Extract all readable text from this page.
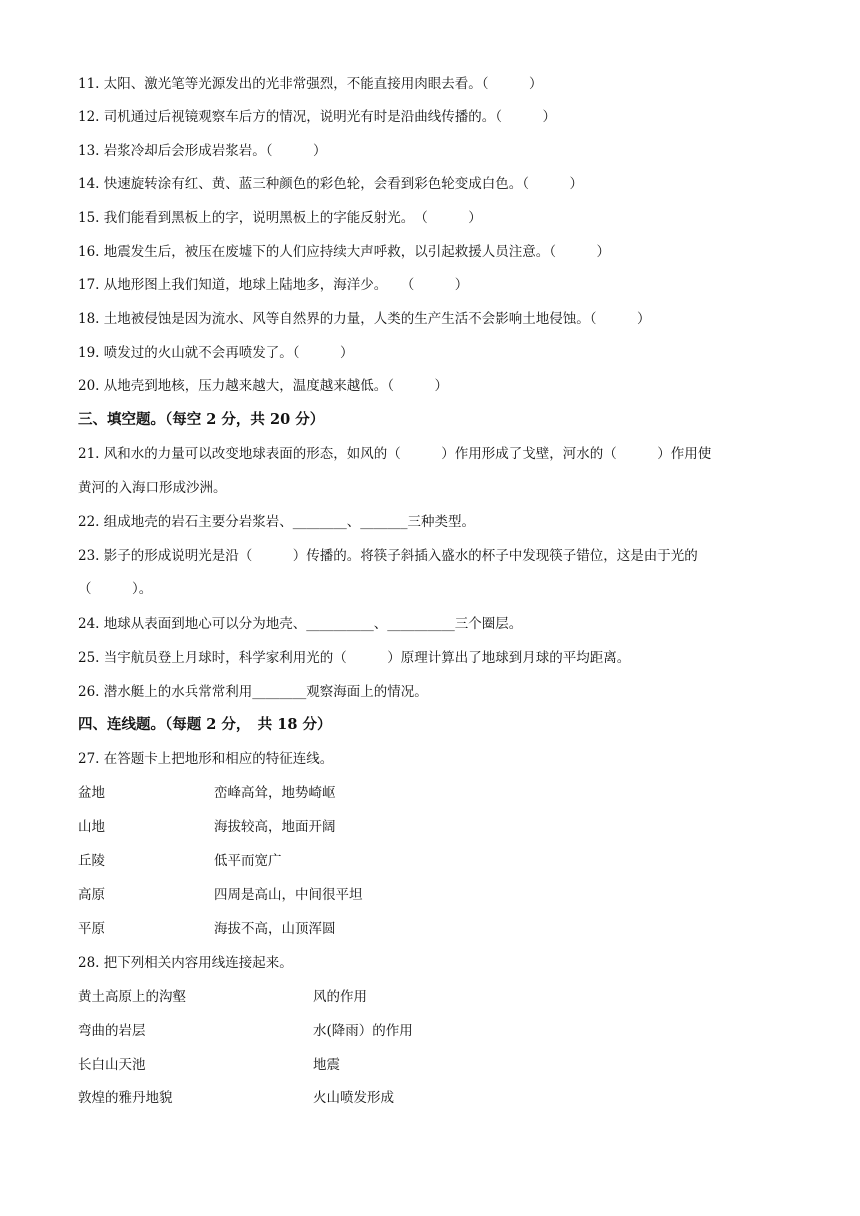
11. 太阳、激光笔等光源发出的光非常强烈，不能直接用肉眼去看。（　　　）
12. 司机通过后视镜观察车后方的情况，说明光有时是沿曲线传播的。（　　　）
13. 岩浆冷却后会形成岩浆岩。（　　　）
14. 快速旋转涂有红、黄、蓝三种颜色的彩色轮，会看到彩色轮变成白色。（　　　）
15. 我们能看到黑板上的字，说明黑板上的字能反射光。　（　　　）
16. 地震发生后，被压在废墟下的人们应持续大声呼救，以引起救援人员注意。（　　　）
17. 从地形图上我们知道，地球上陆地多，海洋少。　　（　　　）
18. 土地被侵蚀是因为流水、风等自然界的力量，人类的生产生活不会影响土地侵蚀。（　　　）
19. 喷发过的火山就不会再喷发了。（　　　）
20. 从地壳到地核，压力越来越大，温度越来越低。（　　　）
三、填空题。（每空 2 分，共 20 分）
21. 风和水的力量可以改变地球表面的形态，如风的（　　　）作用形成了戈壁，河水的（　　　）作用使
黄河的入海口形成沙洲。
22. 组成地壳的岩石主要分岩浆岩、________、_______三种类型。
23. 影子的形成说明光是沿（　　　）传播的。将筷子斜插入盛水的杯子中发现筷子错位，这是由于光的
（　　　）。
24. 地球从表面到地心可以分为地壳、__________、__________三个圈层。
25. 当宇航员登上月球时，科学家利用光的（　　　）原理计算出了地球到月球的平均距离。
26. 潜水艇上的水兵常常利用________观察海面上的情况。
四、连线题。（每题 2 分，　共 18 分）
27. 在答题卡上把地形和相应的特征连线。
盆地	峦峰高耸，地势崎岖
山地	海拔较高，地面开阔
丘陵	低平而宽广
高原	四周是高山，中间很平坦
平原	海拔不高，山顶浑圆
28. 把下列相关内容用线连接起来。
黄土高原上的沟壑	风的作用
弯曲的岩层	水(降雨）的作用
长白山天池	地震
敦煌的雅丹地貌	火山喷发形成
